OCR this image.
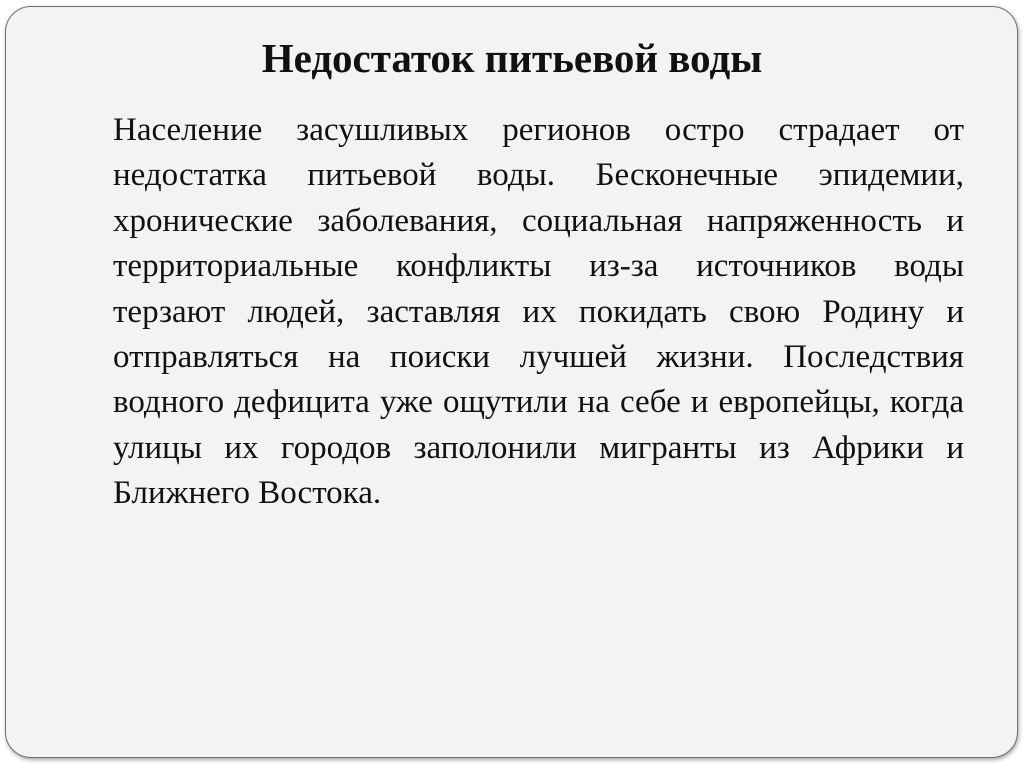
Недостаток питьевой воды

Население засушливых регионов остро страдает от недостатка питьевой воды. Бесконечные эпидемии, хронические заболевания, социальная напряженность и территориальные конфликты из-за источников воды терзают людей, заставляя их покидать свою Родину и отправляться на поиски лучшей жизни. Последствия водного дефицита уже ощутили на себе и европейцы, когда улицы их городов заполонили мигранты из Африки и Ближнего Востока.
